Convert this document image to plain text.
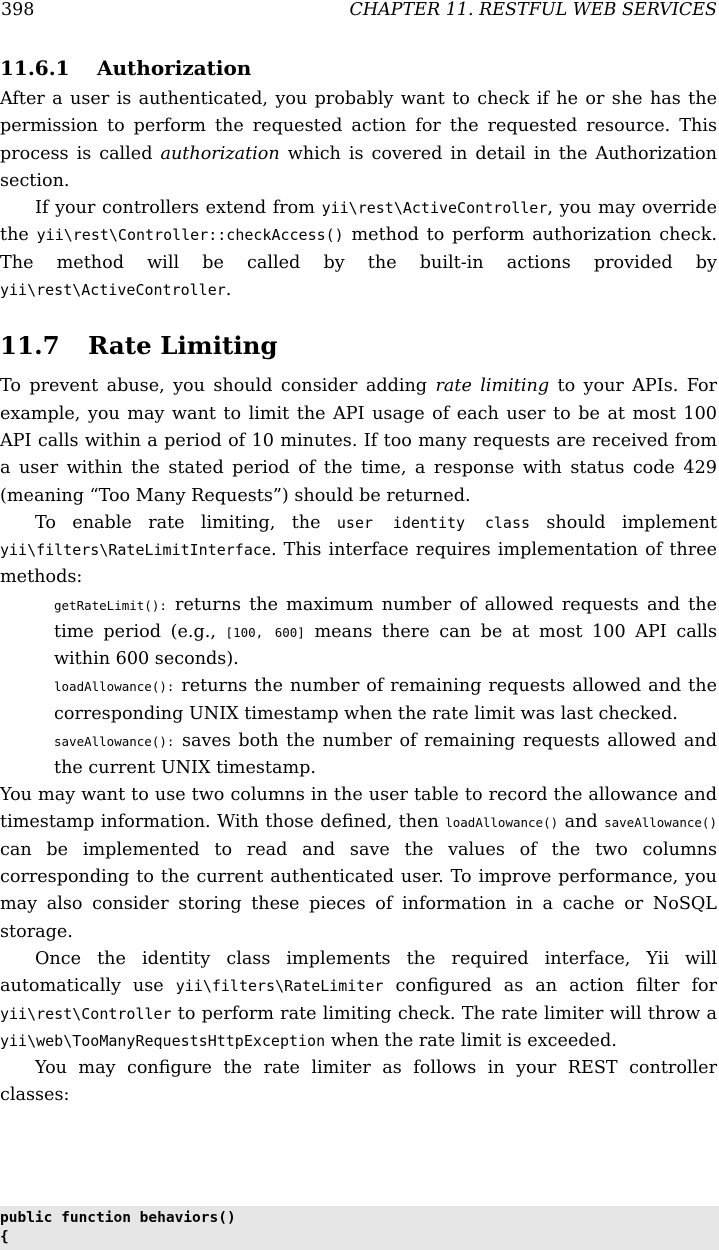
398	CHAPTER 11. RESTFUL WEB SERVICES
11.6.1 Authorization

After a user is authenticated, you probably want to check if he or she has the permission to perform the requested action for the requested resource. This process is called authorization which is covered in detail in the Authorization section.

If your controllers extend from yii\rest\ActiveController, you may override the yii\rest\Controller::checkAccess() method to perform authorization check. The method will be called by the built-in actions provided by yii\rest\ActiveController.

11.7 Rate Limiting

To prevent abuse, you should consider adding rate limiting to your APIs. For example, you may want to limit the API usage of each user to be at most 100 API calls within a period of 10 minutes. If too many requests are received from a user within the stated period of the time, a response with status code 429 (meaning “Too Many Requests”) should be returned.

To enable rate limiting, the user identity class should implement yii\filters\RateLimitInterface. This interface requires implementation of three methods:

getRateLimit(): returns the maximum number of allowed requests and the time period (e.g., [100, 600] means there can be at most 100 API calls within 600 seconds).
loadAllowance(): returns the number of remaining requests allowed and the corresponding UNIX timestamp when the rate limit was last checked.
saveAllowance(): saves both the number of remaining requests allowed and the current UNIX timestamp.

You may want to use two columns in the user table to record the allowance and timestamp information. With those defined, then loadAllowance() and saveAllowance() can be implemented to read and save the values of the two columns corresponding to the current authenticated user. To improve performance, you may also consider storing these pieces of information in a cache or NoSQL storage.

Once the identity class implements the required interface, Yii will automatically use yii\filters\RateLimiter configured as an action filter for yii\rest\Controller to perform rate limiting check. The rate limiter will throw a yii\web\TooManyRequestsHttpException when the rate limit is exceeded.

You may configure the rate limiter as follows in your REST controller classes:

public function behaviors()
{
